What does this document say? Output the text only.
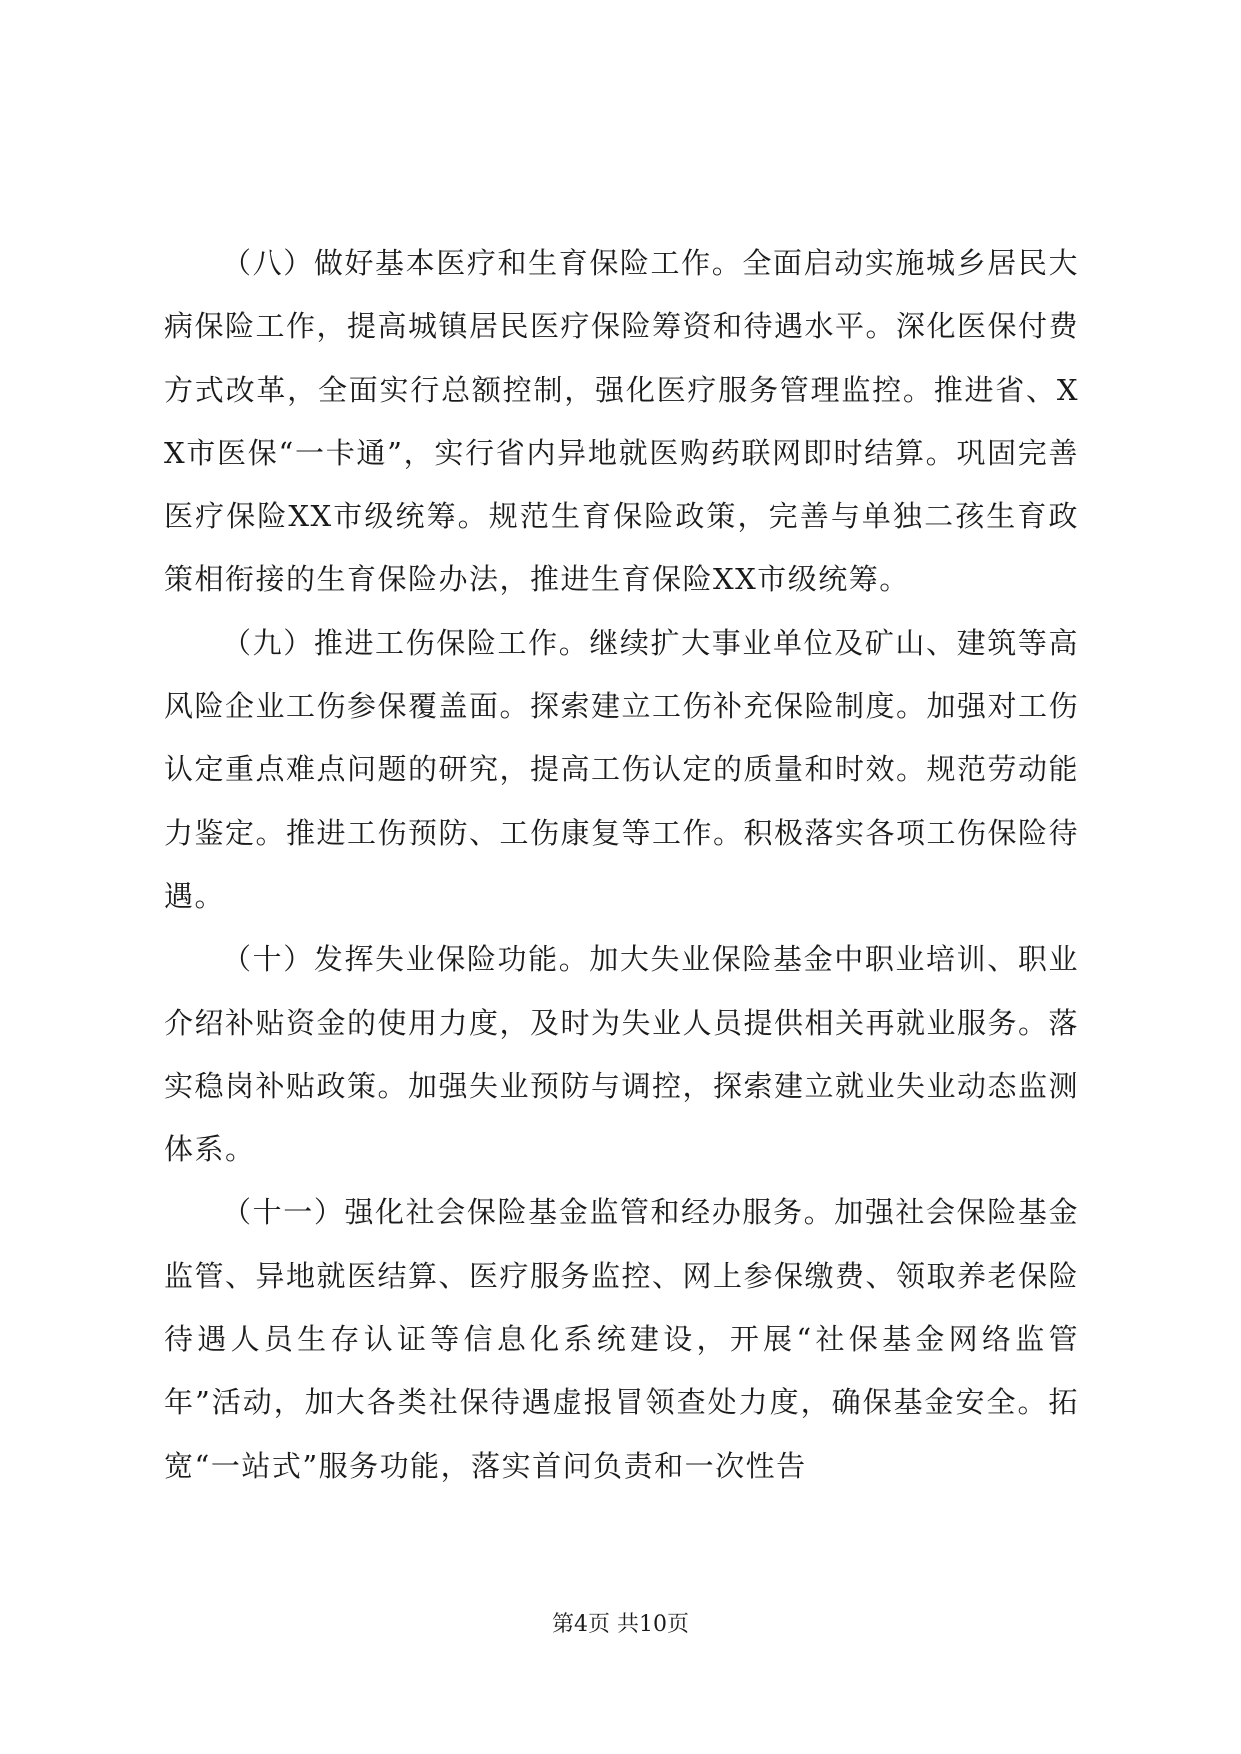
（八）做好基本医疗和生育保险工作。全面启动实施城乡居民大病保险工作，提高城镇居民医疗保险筹资和待遇水平。深化医保付费方式改革，全面实行总额控制，强化医疗服务管理监控。推进省、XX市医保“一卡通”，实行省内异地就医购药联网即时结算。巩固完善医疗保险XX市级统筹。规范生育保险政策，完善与单独二孩生育政策相衔接的生育保险办法，推进生育保险XX市级统筹。

（九）推进工伤保险工作。继续扩大事业单位及矿山、建筑等高风险企业工伤参保覆盖面。探索建立工伤补充保险制度。加强对工伤认定重点难点问题的研究，提高工伤认定的质量和时效。规范劳动能力鉴定。推进工伤预防、工伤康复等工作。积极落实各项工伤保险待遇。

（十）发挥失业保险功能。加大失业保险基金中职业培训、职业介绍补贴资金的使用力度，及时为失业人员提供相关再就业服务。落实稳岗补贴政策。加强失业预防与调控，探索建立就业失业动态监测体系。

（十一）强化社会保险基金监管和经办服务。加强社会保险基金监管、异地就医结算、医疗服务监控、网上参保缴费、领取养老保险待遇人员生存认证等信息化系统建设，开展“社保基金网络监管年”活动，加大各类社保待遇虚报冒领查处力度，确保基金安全。拓宽“一站式”服务功能，落实首问负责和一次性告

第4页 共10页
